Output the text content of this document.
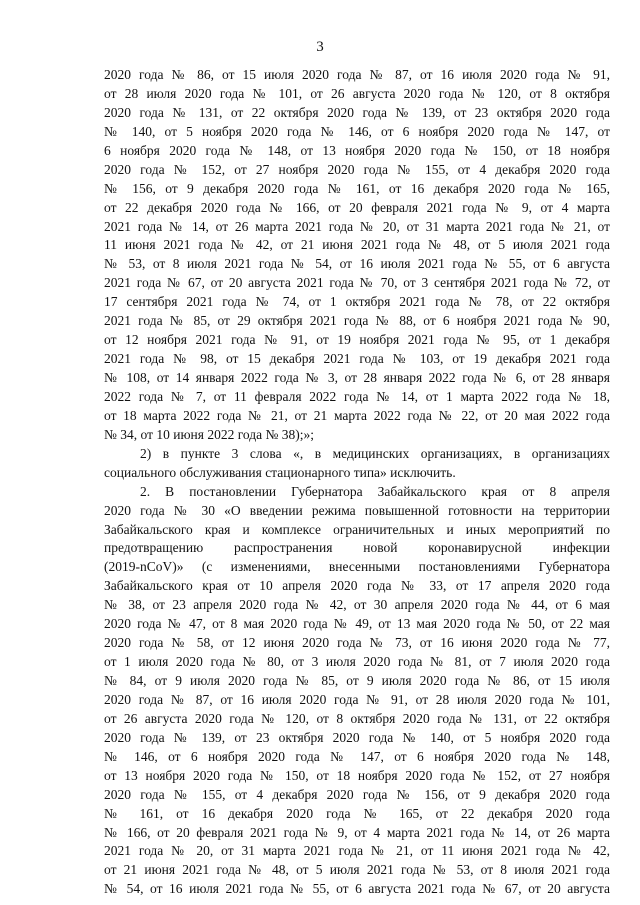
3
2020 года № 86, от 15 июля 2020 года № 87, от 16 июля 2020 года № 91,
от 28 июля 2020 года № 101, от 26 августа 2020 года № 120, от 8 октября
2020 года № 131, от 22 октября 2020 года № 139, от 23 октября 2020 года
№ 140, от 5 ноября 2020 года № 146, от 6 ноября 2020 года № 147, от
6 ноября 2020 года № 148, от 13 ноября 2020 года № 150, от 18 ноября
2020 года № 152, от 27 ноября 2020 года № 155, от 4 декабря 2020 года
№ 156, от 9 декабря 2020 года № 161, от 16 декабря 2020 года № 165,
от 22 декабря 2020 года № 166, от 20 февраля 2021 года № 9, от 4 марта
2021 года № 14, от 26 марта 2021 года № 20, от 31 марта 2021 года № 21, от
11 июня 2021 года № 42, от 21 июня 2021 года № 48, от 5 июля 2021 года
№ 53, от 8 июля 2021 года № 54, от 16 июля 2021 года № 55, от 6 августа
2021 года № 67, от 20 августа 2021 года № 70, от 3 сентября 2021 года № 72, от
17 сентября 2021 года № 74, от 1 октября 2021 года № 78, от 22 октября
2021 года № 85, от 29 октября 2021 года № 88, от 6 ноября 2021 года № 90,
от 12 ноября 2021 года № 91, от 19 ноября 2021 года № 95, от 1 декабря
2021 года № 98, от 15 декабря 2021 года № 103, от 19 декабря 2021 года
№ 108, от 14 января 2022 года № 3, от 28 января 2022 года № 6, от 28 января
2022 года № 7, от 11 февраля 2022 года № 14, от 1 марта 2022 года № 18,
от 18 марта 2022 года № 21, от 21 марта 2022 года № 22, от 20 мая 2022 года
№ 34, от 10 июня 2022 года № 38);»;
2) в пункте 3 слова «, в медицинских организациях, в организациях
социального обслуживания стационарного типа» исключить.
2. В постановлении Губернатора Забайкальского края от 8 апреля
2020 года № 30 «О введении режима повышенной готовности на территории
Забайкальского края и комплексе ограничительных и иных мероприятий по
предотвращению распространения новой коронавирусной инфекции
(2019-nCoV)» (с изменениями, внесенными постановлениями Губернатора
Забайкальского края от 10 апреля 2020 года № 33, от 17 апреля 2020 года
№ 38, от 23 апреля 2020 года № 42, от 30 апреля 2020 года № 44, от 6 мая
2020 года № 47, от 8 мая 2020 года № 49, от 13 мая 2020 года № 50, от 22 мая
2020 года № 58, от 12 июня 2020 года № 73, от 16 июня 2020 года № 77,
от 1 июля 2020 года № 80, от 3 июля 2020 года № 81, от 7 июля 2020 года
№ 84, от 9 июля 2020 года № 85, от 9 июля 2020 года № 86, от 15 июля
2020 года № 87, от 16 июля 2020 года № 91, от 28 июля 2020 года № 101,
от 26 августа 2020 года № 120, от 8 октября 2020 года № 131, от 22 октября
2020 года № 139, от 23 октября 2020 года № 140, от 5 ноября 2020 года
№ 146, от 6 ноября 2020 года № 147, от 6 ноября 2020 года № 148,
от 13 ноября 2020 года № 150, от 18 ноября 2020 года № 152, от 27 ноября
2020 года № 155, от 4 декабря 2020 года № 156, от 9 декабря 2020 года
№ 161, от 16 декабря 2020 года № 165, от 22 декабря 2020 года
№ 166, от 20 февраля 2021 года № 9, от 4 марта 2021 года № 14, от 26 марта
2021 года № 20, от 31 марта 2021 года № 21, от 11 июня 2021 года № 42,
от 21 июня 2021 года № 48, от 5 июля 2021 года № 53, от 8 июля 2021 года
№ 54, от 16 июля 2021 года № 55, от 6 августа 2021 года № 67, от 20 августа
